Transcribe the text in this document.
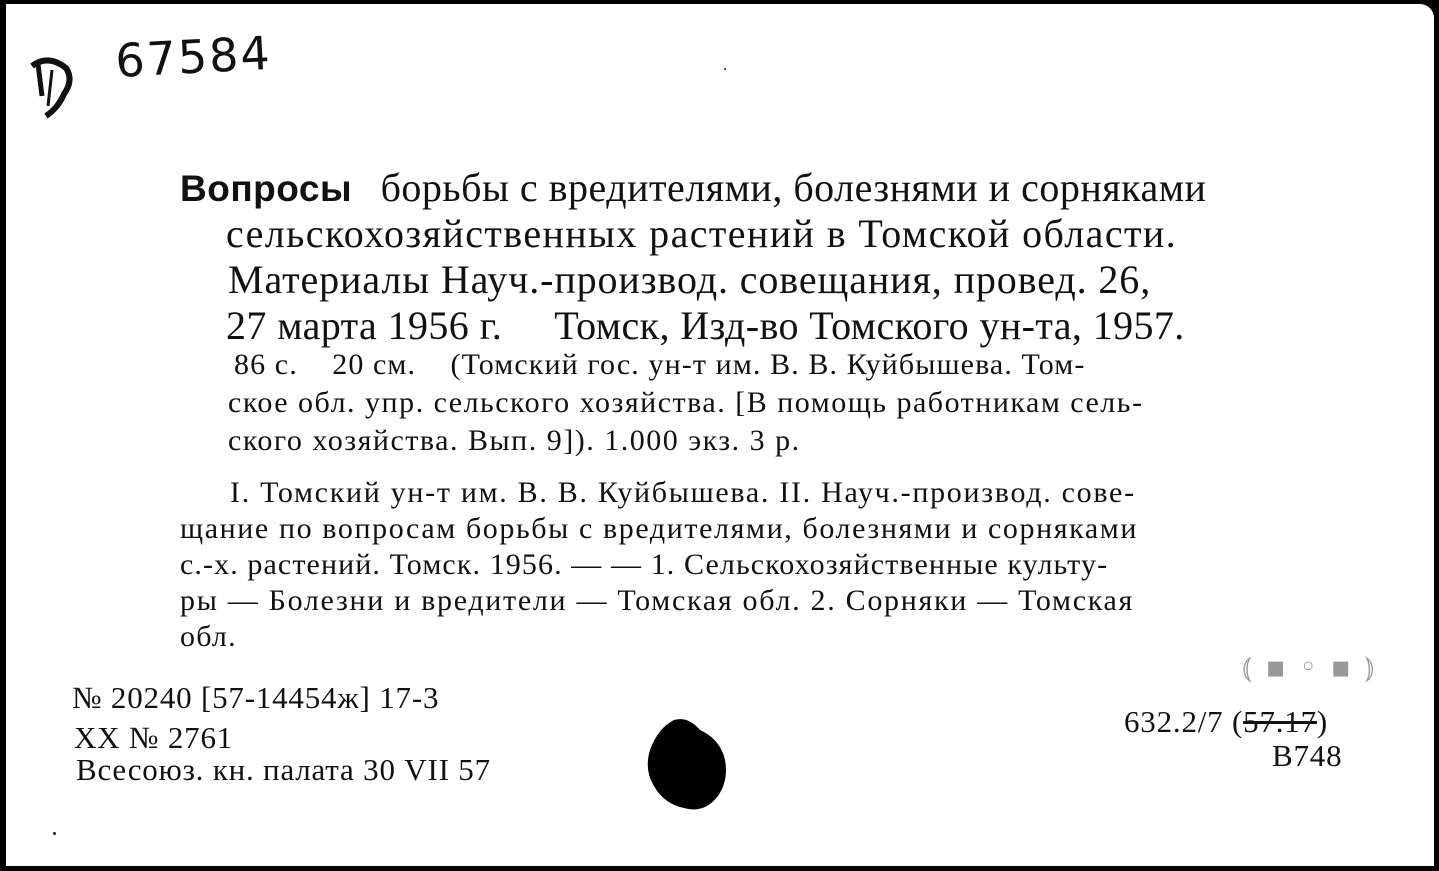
67584
Вопросы борьбы с вредителями, болезнями и сорняками
сельскохозяйственных растений в Томской области.
Материалы Науч.-производ. совещания, провед. 26,
27 марта 1956 г.     Томск, Изд-во Томского ун-та, 1957.
86 с.    20 см.    (Томский гос. ун-т им. В. В. Куйбышева. Том-
ское обл. упр. сельского хозяйства. [В помощь работникам сель-
ского хозяйства. Вып. 9]). 1.000 экз. 3 р.
I. Томский ун-т им. В. В. Куйбышева. II. Науч.-производ. сове-
щание по вопросам борьбы с вредителями, болезнями и сорняками
с.-х. растений. Томск. 1956. — — 1. Сельскохозяйственные культу-
ры — Болезни и вредители — Томская обл. 2. Сорняки — Томская
обл.
№ 20240 [57-14454ж] 17-3
XX № 2761
Всесоюз. кн. палата 30 VII 57
⦅ ▪ ◦ ▪ ⦆
632.2/7 (57.17)
В748
